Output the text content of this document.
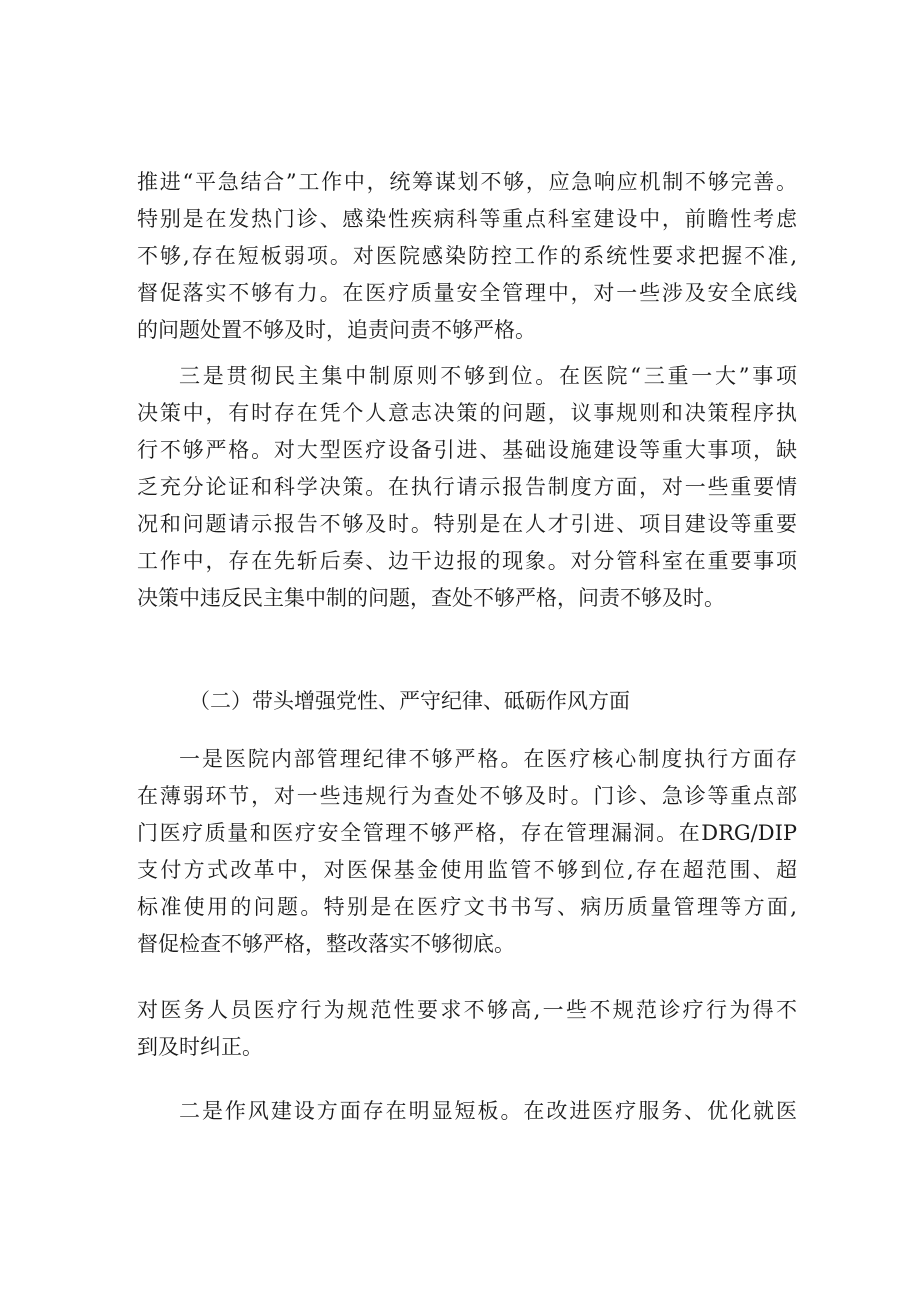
推进“平急结合”工作中，统筹谋划不够，应急响应机制不够完善。
特别是在发热门诊、感染性疾病科等重点科室建设中，前瞻性考虑
不够,存在短板弱项。对医院感染防控工作的系统性要求把握不准,
督促落实不够有力。在医疗质量安全管理中，对一些涉及安全底线
的问题处置不够及时，追责问责不够严格。
三是贯彻民主集中制原则不够到位。在医院“三重一大”事项
决策中，有时存在凭个人意志决策的问题，议事规则和决策程序执
行不够严格。对大型医疗设备引进、基础设施建设等重大事项，缺
乏充分论证和科学决策。在执行请示报告制度方面，对一些重要情
况和问题请示报告不够及时。特别是在人才引进、项目建设等重要
工作中，存在先斩后奏、边干边报的现象。对分管科室在重要事项
决策中违反民主集中制的问题，查处不够严格，问责不够及时。
（二）带头增强党性、严守纪律、砥砺作风方面
一是医院内部管理纪律不够严格。在医疗核心制度执行方面存
在薄弱环节，对一些违规行为查处不够及时。门诊、急诊等重点部
门医疗质量和医疗安全管理不够严格，存在管理漏洞。在DRG/DIP
支付方式改革中，对医保基金使用监管不够到位,存在超范围、超
标准使用的问题。特别是在医疗文书书写、病历质量管理等方面,
督促检查不够严格，整改落实不够彻底。
对医务人员医疗行为规范性要求不够高,一些不规范诊疗行为得不
到及时纠正。
二是作风建设方面存在明显短板。在改进医疗服务、优化就医
